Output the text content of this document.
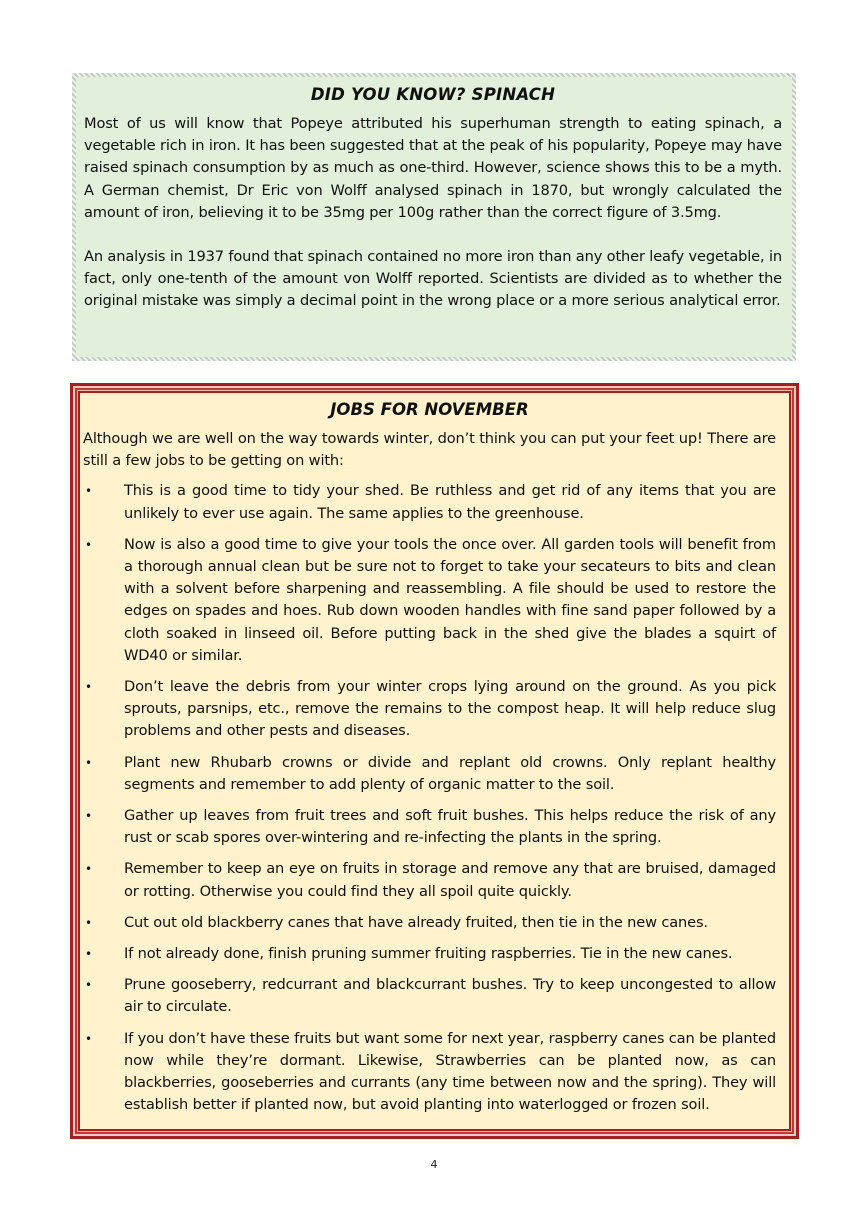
DID YOU KNOW? SPINACH

Most of us will know that Popeye attributed his superhuman strength to eating spinach, a vegetable rich in iron. It has been suggested that at the peak of his popularity, Popeye may have raised spinach consumption by as much as one-third. However, science shows this to be a myth. A German chemist, Dr Eric von Wolff analysed spinach in 1870, but wrongly calculated the amount of iron, believing it to be 35mg per 100g rather than the correct figure of 3.5mg.

An analysis in 1937 found that spinach contained no more iron than any other leafy vegetable, in fact, only one-tenth of the amount von Wolff reported. Scientists are divided as to whether the original mistake was simply a decimal point in the wrong place or a more serious analytical error.

JOBS FOR NOVEMBER

Although we are well on the way towards winter, don’t think you can put your feet up! There are still a few jobs to be getting on with:

• This is a good time to tidy your shed. Be ruthless and get rid of any items that you are unlikely to ever use again. The same applies to the greenhouse.
• Now is also a good time to give your tools the once over. All garden tools will benefit from a thorough annual clean but be sure not to forget to take your secateurs to bits and clean with a solvent before sharpening and reassembling. A file should be used to restore the edges on spades and hoes. Rub down wooden handles with fine sand paper followed by a cloth soaked in linseed oil. Before putting back in the shed give the blades a squirt of WD40 or similar.
• Don’t leave the debris from your winter crops lying around on the ground. As you pick sprouts, parsnips, etc., remove the remains to the compost heap. It will help reduce slug problems and other pests and diseases.
• Plant new Rhubarb crowns or divide and replant old crowns. Only replant healthy segments and remember to add plenty of organic matter to the soil.
• Gather up leaves from fruit trees and soft fruit bushes. This helps reduce the risk of any rust or scab spores over-wintering and re-infecting the plants in the spring.
• Remember to keep an eye on fruits in storage and remove any that are bruised, damaged or rotting. Otherwise you could find they all spoil quite quickly.
• Cut out old blackberry canes that have already fruited, then tie in the new canes.
• If not already done, finish pruning summer fruiting raspberries. Tie in the new canes.
• Prune gooseberry, redcurrant and blackcurrant bushes. Try to keep uncongested to allow air to circulate.
• If you don’t have these fruits but want some for next year, raspberry canes can be planted now while they’re dormant. Likewise, Strawberries can be planted now, as can blackberries, gooseberries and currants (any time between now and the spring). They will establish better if planted now, but avoid planting into waterlogged or frozen soil.
4
